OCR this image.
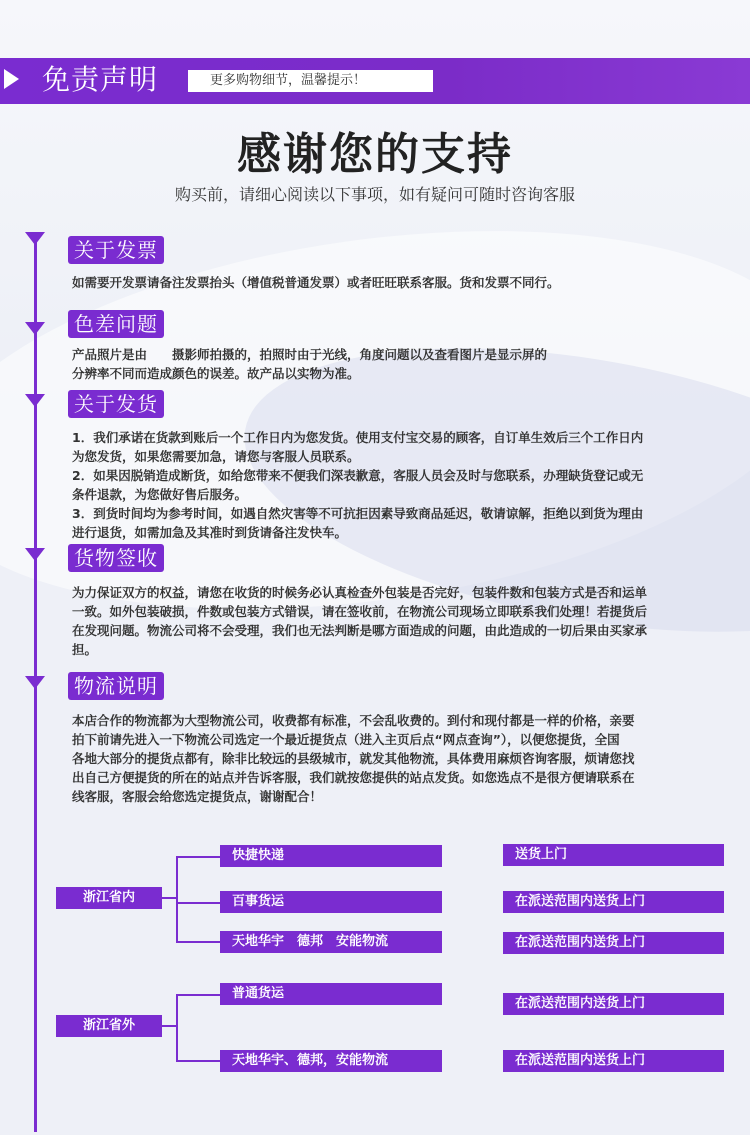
免责声明	更多购物细节，温馨提示！
感谢您的支持
购买前，请细心阅读以下事项，如有疑问可随时咨询客服
关于发票

如需要开发票请备注发票抬头（增值税普通发票）或者旺旺联系客服。货和发票不同行。

色差问题

产品照片是由　　摄影师拍摄的，拍照时由于光线，角度问题以及查看图片是显示屏的

分辨率不同而造成颜色的误差。故产品以实物为准。

关于发货

1．我们承诺在货款到账后一个工作日内为您发货。使用支付宝交易的顾客，自订单生效后三个工作日内

为您发货，如果您需要加急，请您与客服人员联系。

2．如果因脱销造成断货，如给您带来不便我们深表歉意，客服人员会及时与您联系，办理缺货登记或无

条件退款，为您做好售后服务。

3．到货时间均为参考时间，如遇自然灾害等不可抗拒因素导致商品延迟，敬请谅解，拒绝以到货为理由

进行退货，如需加急及其准时到货请备注发快车。

货物签收

为力保证双方的权益，请您在收货的时候务必认真检查外包装是否完好，包装件数和包装方式是否和运单

一致。如外包装破损，件数或包装方式错误，请在签收前，在物流公司现场立即联系我们处理！若提货后

在发现问题。物流公司将不会受理，我们也无法判断是哪方面造成的问题，由此造成的一切后果由买家承

担。

物流说明

本店合作的物流都为大型物流公司，收费都有标准，不会乱收费的。到付和现付都是一样的价格，亲要

拍下前请先进入一下物流公司选定一个最近提货点（进入主页后点“网点查询”），以便您提货，全国

各地大部分的提货点都有，除非比较远的县级城市，就发其他物流，具体费用麻烦咨询客服，烦请您找

出自己方便提货的所在的站点并告诉客服，我们就按您提供的站点发货。如您选点不是很方便请联系在

线客服，客服会给您选定提货点，谢谢配合！

浙江省内
快捷快递
百事货运
天地华宇　德邦　安能物流
送货上门
在派送范围内送货上门
在派送范围内送货上门
浙江省外
普通货运
天地华宇、德邦，安能物流
在派送范围内送货上门
在派送范围内送货上门
